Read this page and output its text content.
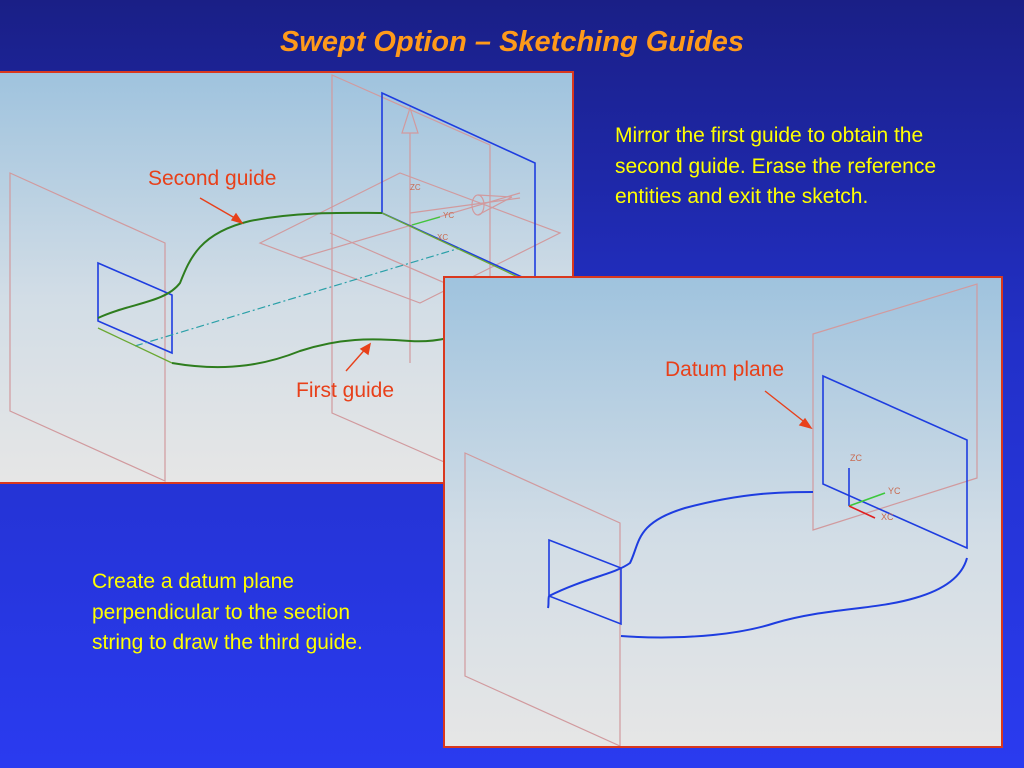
Swept Option – Sketching Guides
ZC
YC
XC
Second guide
First guide
Mirror the first guide to obtain the second guide. Erase the reference entities and exit the sketch.
ZC
YC
XC
Datum plane
Create a datum plane perpendicular to the section string to draw the third guide.
